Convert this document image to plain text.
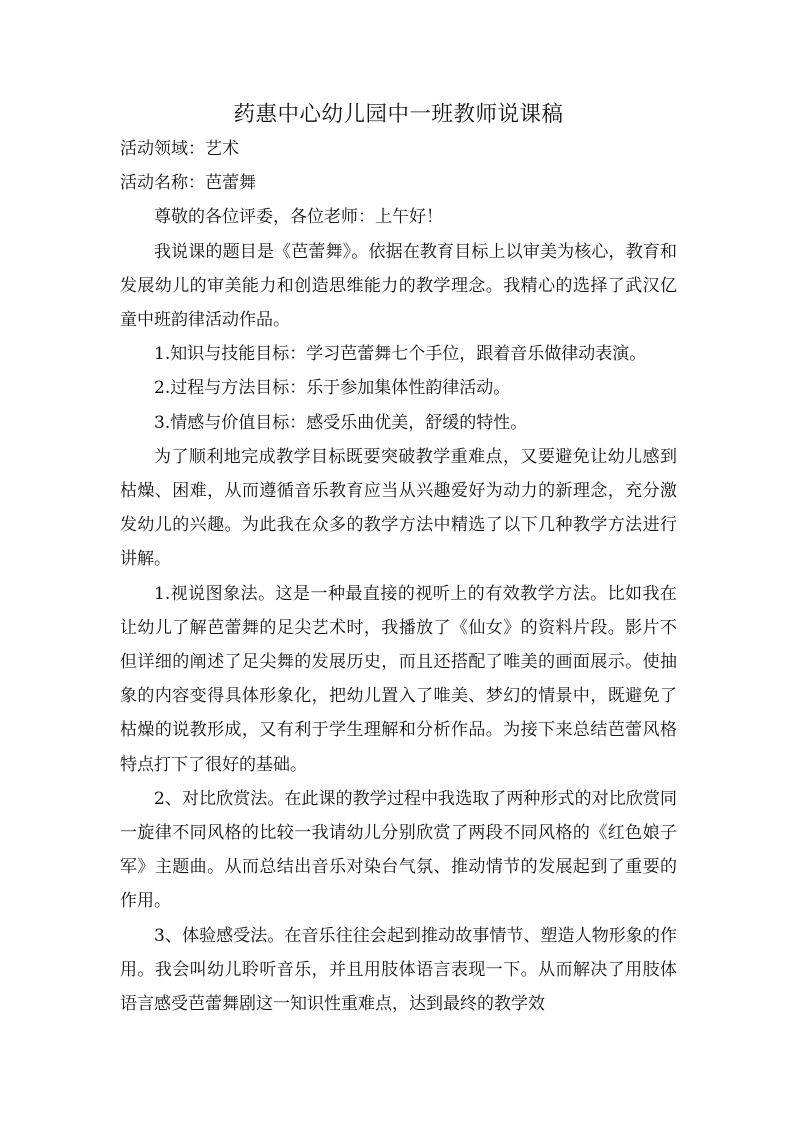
药惠中心幼儿园中一班教师说课稿

活动领域：艺术

活动名称：芭蕾舞

尊敬的各位评委，各位老师：上午好！

我说课的题目是《芭蕾舞》。依据在教育目标上以审美为核心，教育和发展幼儿的审美能力和创造思维能力的教学理念。我精心的选择了武汉亿童中班韵律活动作品。

1.知识与技能目标：学习芭蕾舞七个手位，跟着音乐做律动表演。

2.过程与方法目标：乐于参加集体性韵律活动。

3.情感与价值目标：感受乐曲优美，舒缓的特性。

为了顺利地完成教学目标既要突破教学重难点，又要避免让幼儿感到枯燥、困难，从而遵循音乐教育应当从兴趣爱好为动力的新理念，充分激发幼儿的兴趣。为此我在众多的教学方法中精选了以下几种教学方法进行讲解。

1.视说图象法。这是一种最直接的视听上的有效教学方法。比如我在让幼儿了解芭蕾舞的足尖艺术时，我播放了《仙女》的资料片段。影片不但详细的阐述了足尖舞的发展历史，而且还搭配了唯美的画面展示。使抽象的内容变得具体形象化，把幼儿置入了唯美、梦幻的情景中，既避免了枯燥的说教形成，又有利于学生理解和分析作品。为接下来总结芭蕾风格特点打下了很好的基础。

2、对比欣赏法。在此课的教学过程中我选取了两种形式的对比欣赏同一旋律不同风格的比较一我请幼儿分别欣赏了两段不同风格的《红色娘子军》主题曲。从而总结出音乐对染台气氛、推动情节的发展起到了重要的作用。

3、体验感受法。在音乐往往会起到推动故事情节、塑造人物形象的作用。我会叫幼儿聆听音乐，并且用肢体语言表现一下。从而解决了用肢体语言感受芭蕾舞剧这一知识性重难点，达到最终的教学效
